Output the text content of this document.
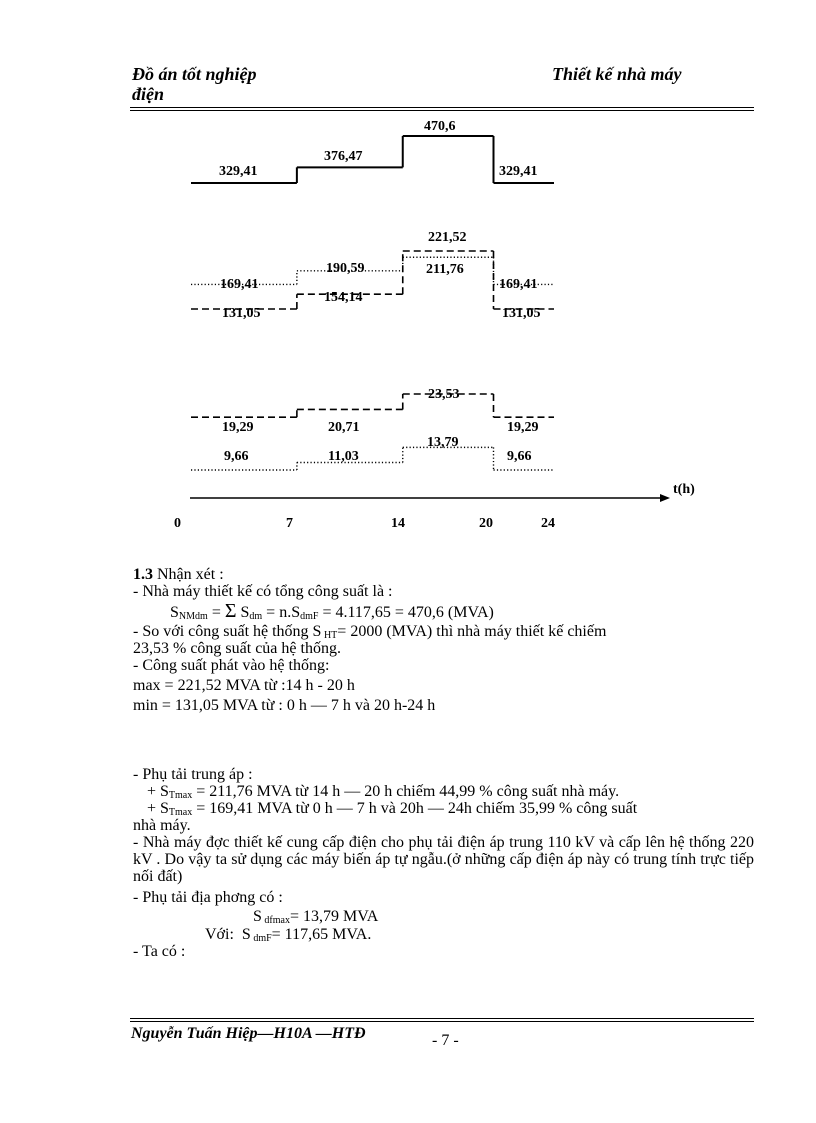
Đồ án tốt nghiệp
điện
Thiết kế nhà máy
t(h)
0	7	14	20	24
329,41
376,47
470,6
329,41
169,41
190,59
221,52
211,76
169,41
154,14
131,05	131,05
19,29	20,71
23,53
19,29
13,79
9,66	11,03	9,66
1.3 Nhận xét :
- Nhà máy thiết kế có tổng công suất là :
$S_{NMdm} = \Sigma$ $S_{dm} = n.S_{dmF} = 4.117,65 = 470,6$ (MVA)
- So với công suất hệ thống S $_{HT}$= 2000 (MVA) thì nhà máy thiết kế chiếm
23,53 % công suất của hệ thống.
- Công suất phát vào hệ thống:
max = 221,52 MVA từ :14 h - 20 h
min = 131,05 MVA từ : 0 h — 7 h và 20 h-24 h
- Phụ tải trung áp :
+ $S_{Tmax} = 211,76$ MVA từ 14 h — 20 h chiếm 44,99 % công suất nhà máy.
+ $S_{Tmax} = 169,41$ MVA từ 0 h — 7 h và 20h — 24h chiếm 35,99 % công suất
nhà máy.
- Nhà máy đợc thiết kế cung cấp điện cho phụ tải điện áp trung 110 kV và cấp lên hệ thống 220 kV . Do vậy ta sử dụng các máy biến áp tự ngẫu.(ở những cấp điện áp này có trung tính trực tiếp nối đất)
- Phụ tải địa phơng có :
S $_{dfmax}$= 13,79 MVA
Với: S $_{dmF}$= 117,65 MVA.
- Ta có :
Nguyễn Tuấn Hiệp—H10A —HTĐ	- 7 -
